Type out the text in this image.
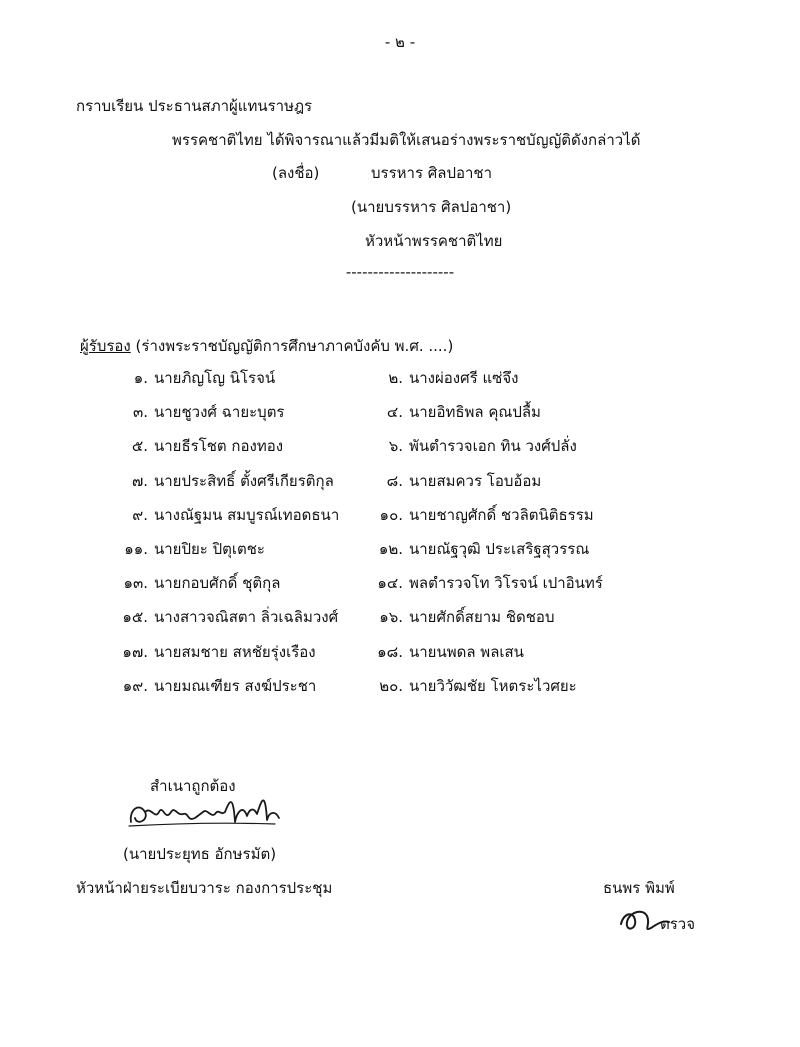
- ๒ -
กราบเรียน ประธานสภาผู้แทนราษฎร
พรรคชาติไทย ได้พิจารณาแล้วมีมติให้เสนอร่างพระราชบัญญัติดังกล่าวได้
(ลงชื่อ)	บรรหาร ศิลปอาชา
(นายบรรหาร ศิลปอาชา)
หัวหน้าพรรคชาติไทย
--------------------
ผู้รับรอง (ร่างพระราชบัญญัติการศึกษาภาคบังคับ พ.ศ. ....)
๑. นายภิญโญ นิโรจน์	๒. นางผ่องศรี แซ่จึง
๓. นายชูวงศ์ ฉายะบุตร	๔. นายอิทธิพล คุณปลื้ม
๕. นายธีรโชต กองทอง	๖. พันตำรวจเอก ทิน วงศ์ปลั่ง
๗. นายประสิทธิ์ ตั้งศรีเกียรติกุล	๘. นายสมควร โอบอ้อม
๙. นางณัฐมน สมบูรณ์เทอดธนา	๑๐. นายชาญศักดิ์ ชวลิตนิติธรรม
๑๑. นายปิยะ ปิตุเตชะ	๑๒. นายณัฐวุฒิ ประเสริฐสุวรรณ
๑๓. นายกอบศักดิ์ ชุติกุล	๑๔. พลตำรวจโท วิโรจน์ เปาอินทร์
๑๕. นางสาวจณิสตา ลิ่วเฉลิมวงศ์	๑๖. นายศักดิ์สยาม ชิดชอบ
๑๗. นายสมชาย สหชัยรุ่งเรือง	๑๘. นายนพดล พลเสน
๑๙. นายมณเฑียร สงฆ์ประชา	๒๐. นายวิวัฒชัย โหตระไวศยะ
สำเนาถูกต้อง
(นายประยุทธ อักษรมัต)
หัวหน้าฝ่ายระเบียบวาระ กองการประชุม	ธนพร พิมพ์
ตรวจ
